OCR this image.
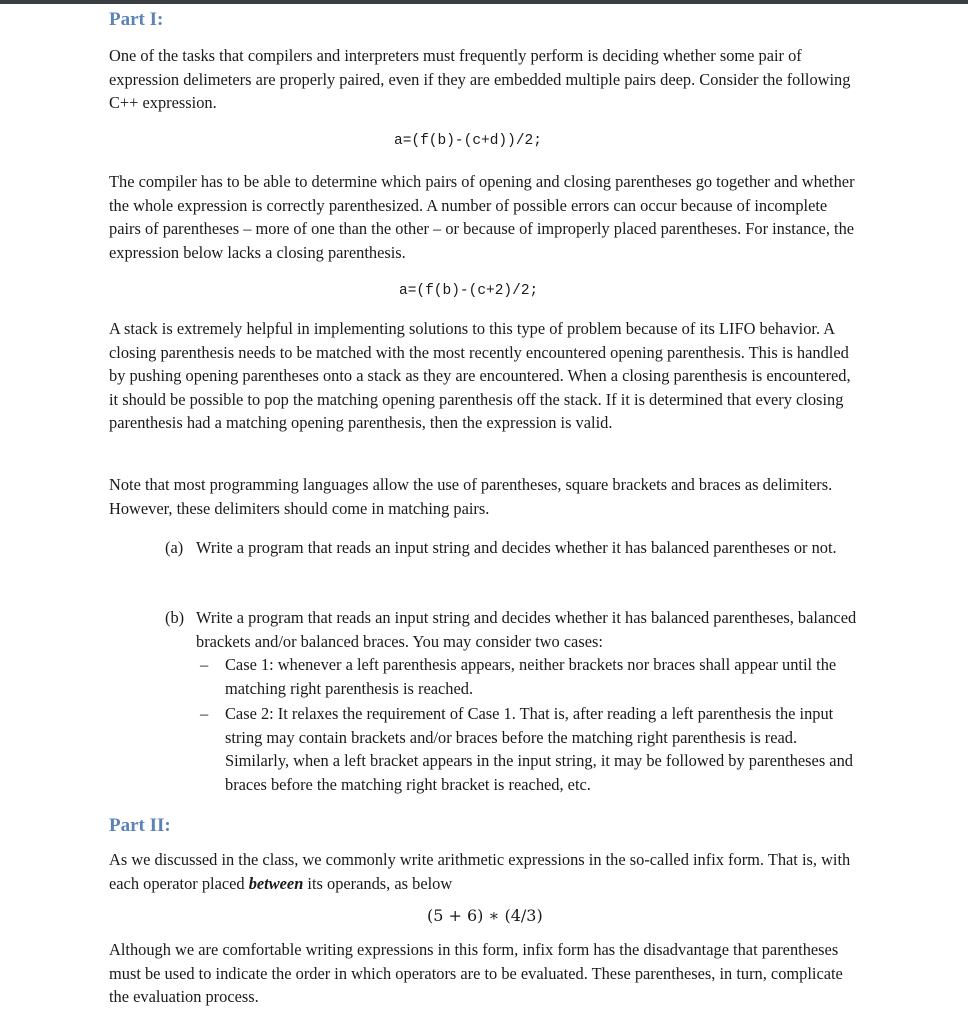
Part I:

One of the tasks that compilers and interpreters must frequently perform is deciding whether some pair of expression delimeters are properly paired, even if they are embedded multiple pairs deep. Consider the following C++ expression.

a=(f(b)-(c+d))/2;

The compiler has to be able to determine which pairs of opening and closing parentheses go together and whether the whole expression is correctly parenthesized. A number of possible errors can occur because of incomplete pairs of parentheses – more of one than the other – or because of improperly placed parentheses. For instance, the expression below lacks a closing parenthesis.

a=(f(b)-(c+2)/2;

A stack is extremely helpful in implementing solutions to this type of problem because of its LIFO behavior. A closing parenthesis needs to be matched with the most recently encountered opening parenthesis. This is handled by pushing opening parentheses onto a stack as they are encountered. When a closing parenthesis is encountered, it should be possible to pop the matching opening parenthesis off the stack. If it is determined that every closing parenthesis had a matching opening parenthesis, then the expression is valid.

Note that most programming languages allow the use of parentheses, square brackets and braces as delimiters. However, these delimiters should come in matching pairs.

(a) Write a program that reads an input string and decides whether it has balanced parentheses or not.
(b) Write a program that reads an input string and decides whether it has balanced parentheses, balanced brackets and/or balanced braces. You may consider two cases:
– Case 1: whenever a left parenthesis appears, neither brackets nor braces shall appear until the matching right parenthesis is reached.
– Case 2: It relaxes the requirement of Case 1. That is, after reading a left parenthesis the input string may contain brackets and/or braces before the matching right parenthesis is read. Similarly, when a left bracket appears in the input string, it may be followed by parentheses and braces before the matching right bracket is reached, etc.
Part II:

As we discussed in the class, we commonly write arithmetic expressions in the so-called infix form. That is, with each operator placed between its operands, as below

(5 + 6) ∗ (4/3)

Although we are comfortable writing expressions in this form, infix form has the disadvantage that parentheses must be used to indicate the order in which operators are to be evaluated. These parentheses, in turn, complicate the evaluation process.
